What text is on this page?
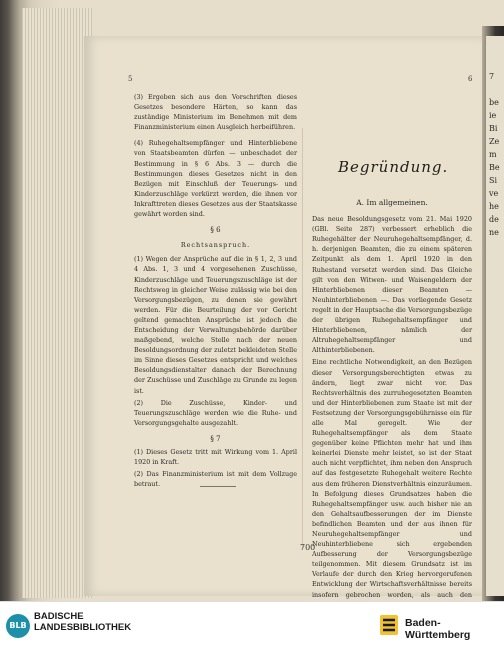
7

be
ie
Bi
Ze
m
Be
Si
ve
he
de
ne

5	6

(3) Ergeben sich aus den Vorschriften dieses Gesetzes besondere Härten, so kann das zuständige Ministerium im Benehmen mit dem Finanzministerium einen Ausgleich herbeiführen.

(4) Ruhegehaltsempfänger und Hinterbliebene von Staatsbeamten dürfen — unbeschadet der Bestimmung in § 6 Abs. 3 — durch die Bestimmungen dieses Gesetzes nicht in den Bezügen mit Einschluß der Teuerungs- und Kinderzuschläge verkürzt werden, die ihnen vor Inkrafttreten dieses Gesetzes aus der Staatskasse gewährt worden sind.

§ 6
Rechtsanspruch.

(1) Wegen der Ansprüche auf die in § 1, 2, 3 und 4 Abs. 1, 3 und 4 vorgesehenen Zuschüsse, Kinderzuschläge und Teuerungszuschläge ist der Rechtsweg in gleicher Weise zulässig wie bei den Versorgungsbezügen, zu denen sie gewährt werden. Für die Beurteilung der vor Gericht geltend gemachten Ansprüche ist jedoch die Entscheidung der Verwaltungsbehörde darüber maßgebend, welche Stelle nach der neuen Besoldungsordnung der zuletzt bekleideten Stelle im Sinne dieses Gesetzes entspricht und welches Besoldungsdienstalter danach der Berechnung der Zuschüsse und Zuschläge zu Grunde zu legen ist.

(2) Die Zuschüsse, Kinder- und Teuerungszuschläge werden wie die Ruhe- und Versorgungsgehalte ausgezahlt.

§ 7

(1) Dieses Gesetz tritt mit Wirkung vom 1. April 1920 in Kraft.

(2) Das Finanzministerium ist mit dem Vollzuge betraut.

Begründung.
A. Im allgemeinen.

Das neue Besoldungsgesetz vom 21. Mai 1920 (GBl. Seite 287) verbessert erheblich die Ruhegehälter der Neuruhegehaltsempfänger, d. h. derjenigen Beamten, die zu einem späteren Zeitpunkt als dem 1. April 1920 in den Ruhestand versetzt werden sind. Das Gleiche gilt von den Witwen- und Waisengeldern der Hinterbliebenen dieser Beamten — Neuhinterbliebenen —. Das vorliegende Gesetz regelt in der Hauptsache die Versorgungsbezüge der übrigen Ruhegehaltsempfänger und Hinterbliebenen, nämlich der Altruhegehaltsempfänger und Althinterbliebenen.

Eine rechtliche Notwendigkeit, an den Bezügen dieser Versorgungsberechtigten etwas zu ändern, liegt zwar nicht vor. Das Rechtsverhältnis des zurruhegesetzten Beamten und der Hinterbliebenen zum Staate ist mit der Festsetzung der Versorgungsgebührnisse ein für alle Mal geregelt. Wie der Ruhegehaltsempfänger als dem Staate gegenüber keine Pflichten mehr hat und ihm keinerlei Dienste mehr leistet, so ist der Staat auch nicht verpflichtet, ihm neben den Anspruch auf das festgesetzte Ruhegehalt weitere Rechte aus dem früheren Dienstverhältnis einzuräumen. In Befolgung dieses Grundsatzes haben die Ruhegehaltsempfänger usw. auch bisher nie an den Gehaltsaufbesserungen der im Dienste befindlichen Beamten und der aus ihnen für Neuruhegehaltsempfänger und Neuhinterbliebene sich ergebenden Aufbesserung der Versorgungsbezüge teilgenommen. Mit diesem Grundsatz ist im Verlaufe der durch den Krieg hervorgerufenen Entwicklung der Wirtschaftsverhältnisse bereits insofern gebrochen worden, als auch den

700
BLB
BADISCHE
LANDESBIBLIOTHEK	Baden-Württemberg
